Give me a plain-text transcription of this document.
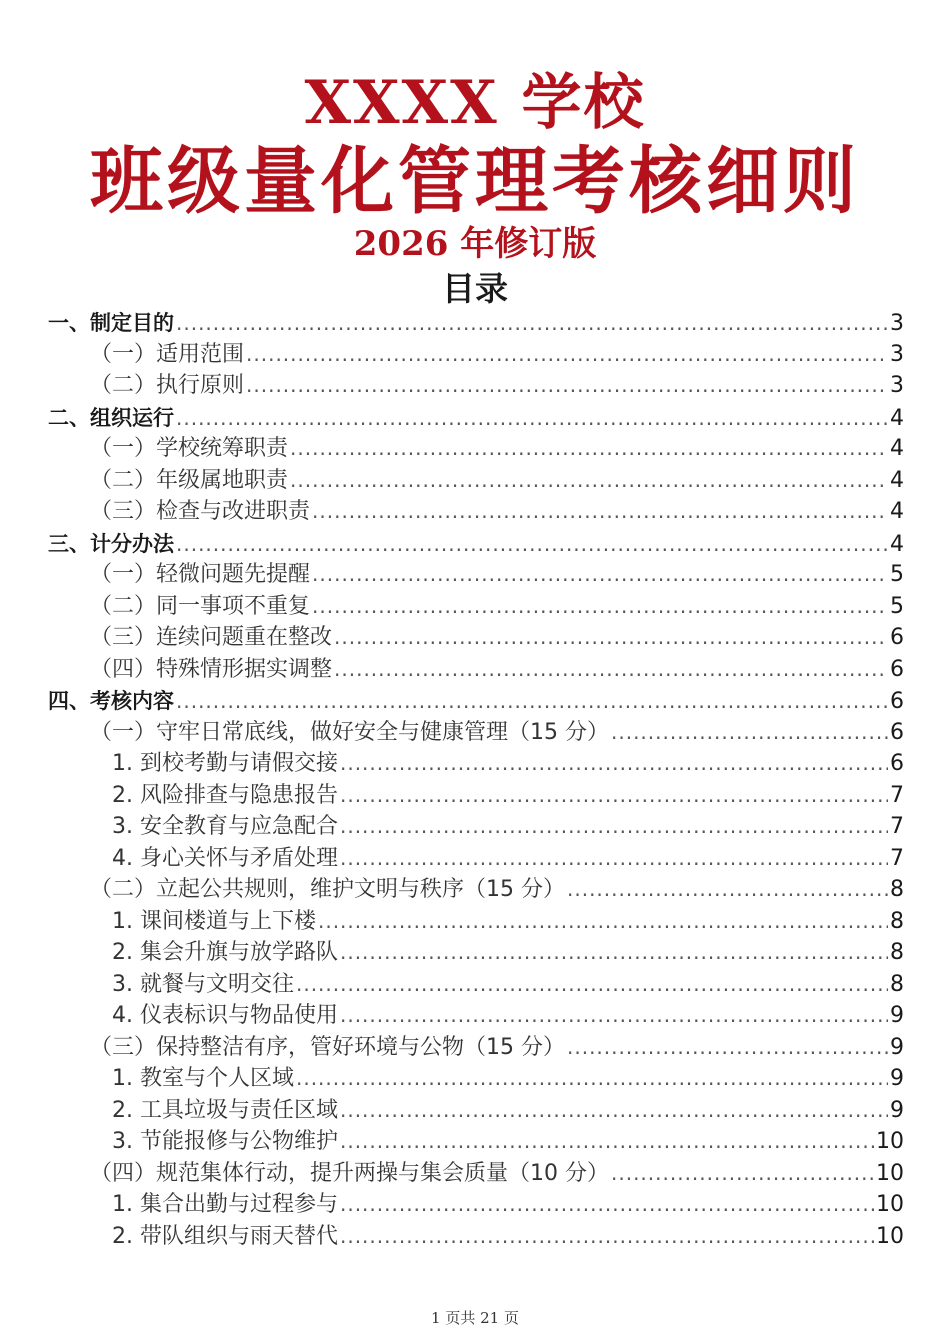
XXXX 学校
班级量化管理考核细则
2026 年修订版
目录
一、制定目的 .....	3
（一）适用范围 .....	3
（二）执行原则 .....	3
二、组织运行 .....	4
（一）学校统筹职责 .....	4
（二）年级属地职责 .....	4
（三）检查与改进职责 .....	4
三、计分办法 .....	4
（一）轻微问题先提醒 .....	5
（二）同一事项不重复 .....	5
（三）连续问题重在整改 .....	6
（四）特殊情形据实调整 .....	6
四、考核内容 .....	6
（一）守牢日常底线，做好安全与健康管理（15 分） .....	6
1. 到校考勤与请假交接 .....	6
2. 风险排查与隐患报告 .....	7
3. 安全教育与应急配合 .....	7
4. 身心关怀与矛盾处理 .....	7
（二）立起公共规则，维护文明与秩序（15 分） .....	8
1. 课间楼道与上下楼 .....	8
2. 集会升旗与放学路队 .....	8
3. 就餐与文明交往 .....	8
4. 仪表标识与物品使用 .....	9
（三）保持整洁有序，管好环境与公物（15 分） .....	9
1. 教室与个人区域 .....	9
2. 工具垃圾与责任区域 .....	9
3. 节能报修与公物维护 .....	10
（四）规范集体行动，提升两操与集会质量（10 分） .....	10
1. 集合出勤与过程参与 .....	10
2. 带队组织与雨天替代 .....	10
1 页共 21 页
